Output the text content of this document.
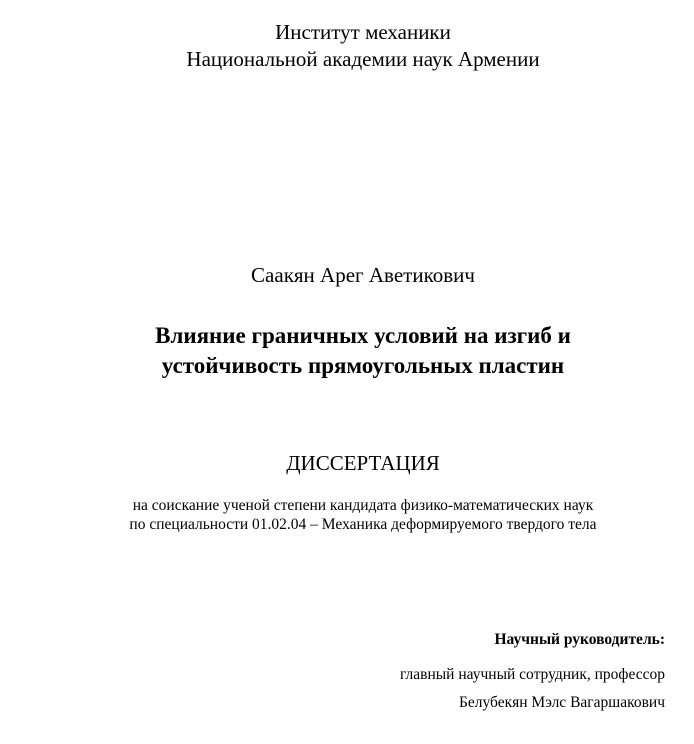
Институт механики
Национальной академии наук Армении
Саакян Арег Аветикович
Влияние граничных условий на изгиб и
устойчивость прямоугольных пластин
ДИССЕРТАЦИЯ
на соискание ученой степени кандидата физико-математических наук
по специальности 01.02.04 – Механика деформируемого твердого тела
Научный руководитель:
главный научный сотрудник, профессор
Белубекян Мэлс Вагаршакович
